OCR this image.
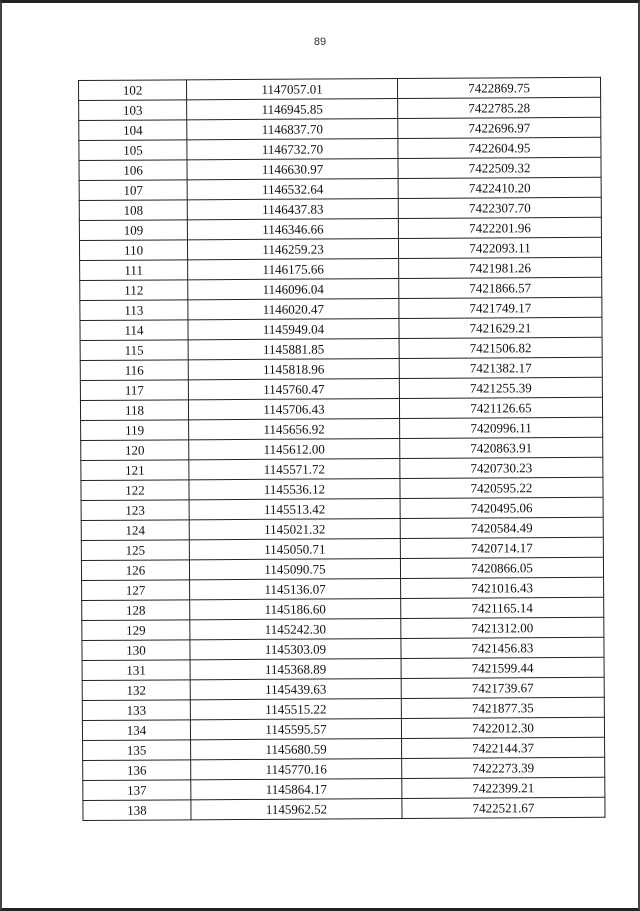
89
102	1147057.01	7422869.75
103	1146945.85	7422785.28
104	1146837.70	7422696.97
105	1146732.70	7422604.95
106	1146630.97	7422509.32
107	1146532.64	7422410.20
108	1146437.83	7422307.70
109	1146346.66	7422201.96
110	1146259.23	7422093.11
111	1146175.66	7421981.26
112	1146096.04	7421866.57
113	1146020.47	7421749.17
114	1145949.04	7421629.21
115	1145881.85	7421506.82
116	1145818.96	7421382.17
117	1145760.47	7421255.39
118	1145706.43	7421126.65
119	1145656.92	7420996.11
120	1145612.00	7420863.91
121	1145571.72	7420730.23
122	1145536.12	7420595.22
123	1145513.42	7420495.06
124	1145021.32	7420584.49
125	1145050.71	7420714.17
126	1145090.75	7420866.05
127	1145136.07	7421016.43
128	1145186.60	7421165.14
129	1145242.30	7421312.00
130	1145303.09	7421456.83
131	1145368.89	7421599.44
132	1145439.63	7421739.67
133	1145515.22	7421877.35
134	1145595.57	7422012.30
135	1145680.59	7422144.37
136	1145770.16	7422273.39
137	1145864.17	7422399.21
138	1145962.52	7422521.67
